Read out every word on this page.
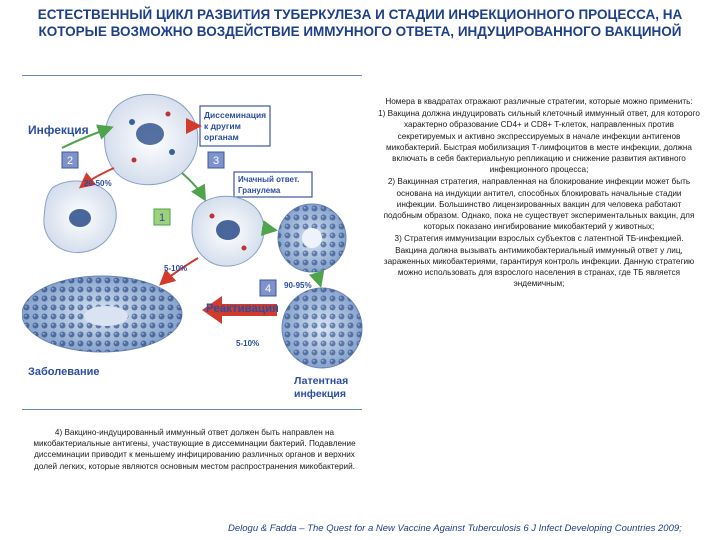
ЕСТЕСТВЕННЫЙ ЦИКЛ РАЗВИТИЯ ТУБЕРКУЛЕЗА И СТАДИИ ИНФЕКЦИОННОГО ПРОЦЕССА, НА КОТОРЫЕ ВОЗМОЖНО ВОЗДЕЙСТВИЕ ИММУННОГО ОТВЕТА, ИНДУЦИРОВАННОГО ВАКЦИНОЙ
Инфекция
Диссеминация
к другим
органам
Ичачный ответ.
Гранулема
Реактивация
2	3
1
4
20-50%
5-10%
90-95%
5-10%
Заболевание
Латентная
инфекция

Номера в квадратах отражают различные стратегии, которые можно применить:

1) Вакцина должна индуцировать сильный клеточный иммунный ответ, для которого характерно образование CD4+ и CD8+ T-клеток, направленных против секретируемых и активно экспрессируемых в начале инфекции антигенов микобактерий. Быстрая мобилизация Т-лимфоцитов в месте инфекции, должна включать в себя бактериальную репликацию и снижение развития активного инфекционного процесса;

2) Вакцинная стратегия, направленная на блокирование инфекции может быть основана на индукции антител, способных блокировать начальные стадии инфекции. Большинство лицензированных вакцин для человека работают подобным образом. Однако, пока не существует экспериментальных вакцин, для которых показано ингибирование микобактерий у животных;

3) Стратегия иммунизации взрослых субъектов с латентной ТБ-инфекцией. Вакцина должна вызывать антимикобактериальный иммунный ответ у лиц, зараженных микобактериями, гарантируя контроль инфекции. Данную стратегию можно использовать для взрослого населения в странах, где ТБ является эндемичным;

4) Вакцино-индуцированный иммунный ответ должен быть направлен на микобактериальные антигены, участвующие в диссеминации бактерий. Подавление диссеминации приводит к меньшему инфицированию различных органов и верхних долей легких, которые являются основным местом распространения микобактерий.
Delogu & Fadda – The Quest for a New Vaccine Against Tuberculosis 6 J Infect Developing Countries 2009;
